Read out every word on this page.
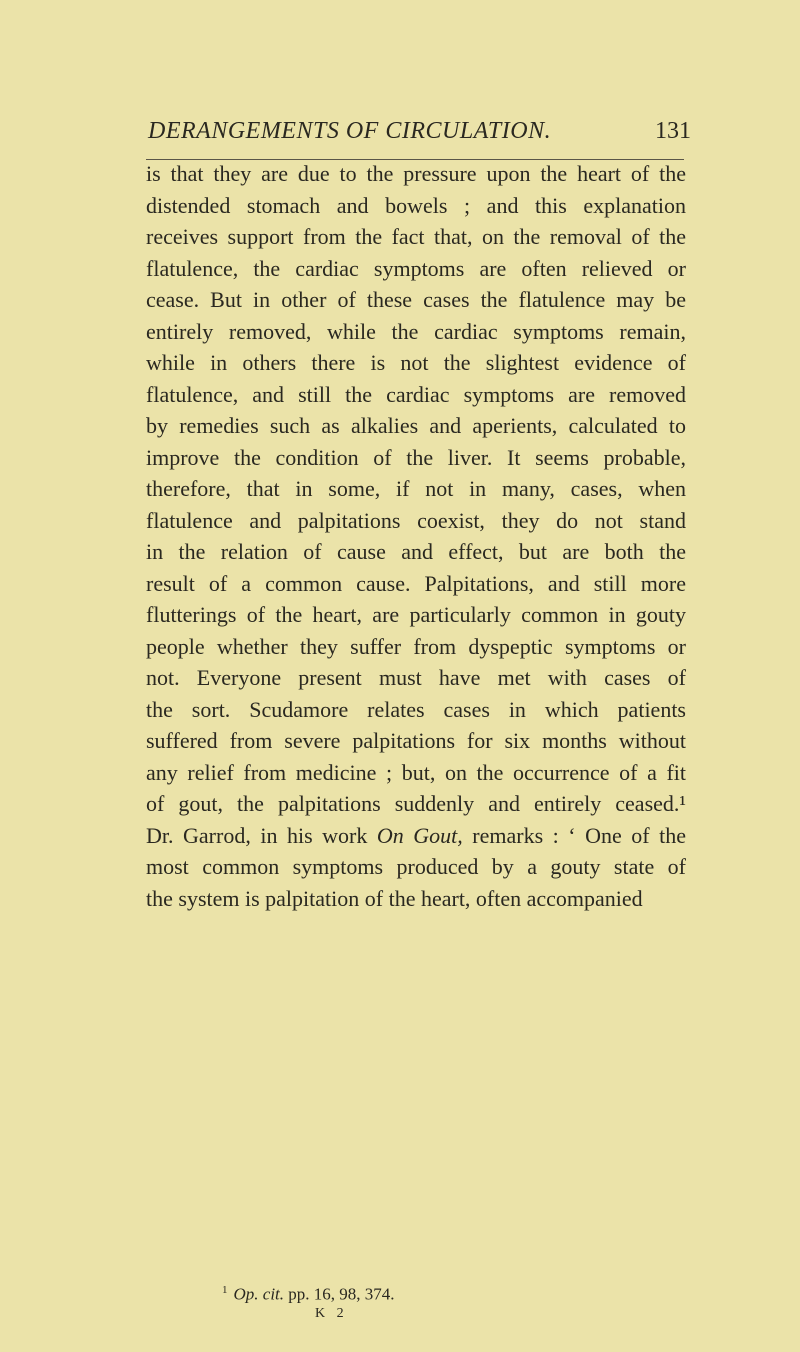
DERANGEMENTS OF CIRCULATION.	131
is that they are due to the pressure upon the heart of the
distended stomach and bowels ; and this explanation
receives support from the fact that, on the removal of the
flatulence, the cardiac symptoms are often relieved or
cease. But in other of these cases the flatulence may be
entirely removed, while the cardiac symptoms remain,
while in others there is not the slightest evidence of
flatulence, and still the cardiac symptoms are removed
by remedies such as alkalies and aperients, calculated to
improve the condition of the liver. It seems probable,
therefore, that in some, if not in many, cases, when
flatulence and palpitations coexist, they do not stand
in the relation of cause and effect, but are both the
result of a common cause. Palpitations, and still more
flutterings of the heart, are particularly common in gouty
people whether they suffer from dyspeptic symptoms or
not. Everyone present must have met with cases of
the sort. Scudamore relates cases in which patients
suffered from severe palpitations for six months without
any relief from medicine ; but, on the occurrence of a fit
of gout, the palpitations suddenly and entirely ceased.¹
Dr. Garrod, in his work On Gout, remarks : ‘ One of the
most common symptoms produced by a gouty state of
the system is palpitation of the heart, often accompanied
$^1$ Op. cit. pp. 16, 98, 374.
K 2
